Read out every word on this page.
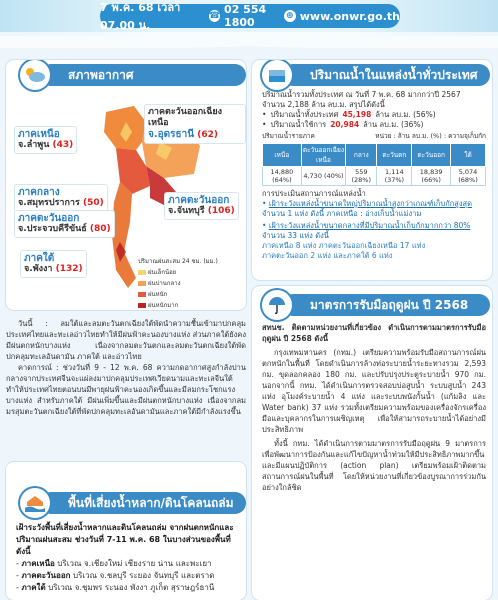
7 พ.ค. 68 เวลา 07.00 น.
☎ 02 554 1800	⊕ www.onwr.go.th
สภาพอากาศ
ภาคตะวันออกเฉียงเหนือ
จ.อุดรธานี (62)
ภาคเหนือ
จ.ลำพูน (43)
ภาคกลาง
จ.สมุทรปราการ (50)
ภาคตะวันออก
จ.ประจวบคีรีขันธ์ (80)
ภาคตะวันออก
จ.จันทบุรี (106)
ภาคใต้
จ.พังงา (132)
ปริมาณฝนสะสม 24 ชม. (มม.)
ฝนเล็กน้อย
ฝนปานกลาง
ฝนหนัก
ฝนหนักมาก

วันนี้ : ลมใต้และลมตะวันตกเฉียงใต้พัดนำความชื้นเข้ามาปกคลุมประเทศไทยและทะเลอ่าวไทยทำให้มีฝนฟ้าคะนองบางแห่ง ส่วนภาคใต้ยังคงมีฝนตกหนักบางแห่ง เนื่องจากลมตะวันตกและลมตะวันตกเฉียงใต้พัดปกคลุมทะเลอันดามัน ภาคใต้ และอ่าวไทย

คาดการณ์ : ช่วงวันที่ 9 - 12 พ.ค. 68 ความกดอากาศสูงกำลังปานกลางจากประเทศจีนจะแผ่ลงมาปกคลุมประเทศเวียดนามและทะเลจีนใต้ ทำให้ประเทศไทยตอนบนมีพายุฝนฟ้าคะนองเกิดขึ้นและมีลมกระโชกแรงบางแห่ง สำหรับภาคใต้ มีฝนเพิ่มขึ้นและมีฝนตกหนักบางแห่ง เนื่องจากลมมรสุมตะวันตกเฉียงใต้ที่พัดปกคลุมทะเลอันดามันและภาคใต้มีกำลังแรงขึ้น

พื้นที่เสี่ยงน้ำหลาก/ดินโคลนถล่ม
เฝ้าระวังพื้นที่เสี่ยงน้ำหลากและดินโคลนถล่ม จากฝนตกหนักและปริมาณฝนสะสม ช่วงวันที่ 7-11 พ.ค. 68 ในบางส่วนของพื้นที่ ดังนี้
- ภาคเหนือ บริเวณ จ.เชียงใหม่ เชียงราย น่าน และพะเยา
- ภาคตะวันออก บริเวณ จ.ชลบุรี ระยอง จันทบุรี และตราด
- ภาคใต้ บริเวณ จ.ชุมพร ระนอง พังงา ภูเก็ต สุราษฎร์ธานี
ปริมาณน้ำในแหล่งน้ำทั่วประเทศ
ปริมาณน้ำรวมทั้งประเทศ ณ วันที่ 7 พ.ค. 68 มากกว่าปี 2567 จำนวน 2,188 ล้าน ลบ.ม. สรุปได้ดังนี้
• ปริมาณน้ำทั้งประเทศ 45,198 ล้าน ลบ.ม. (56%)
• ปริมาณน้ำใช้การ 20,984 ล้าน ลบ.ม. (36%)
ปริมาณน้ำรายภาค	หน่วย : ล้าน ลบ.ม. (%) : ความจุเก็บกัก
เหนือ	ตะวันออกเฉียงเหนือ	กลาง	ตะวันตก	ตะวันออก	ใต้
14,880 (64%)	4,730 (40%)	559 (28%)	1,114 (37%)	18,839 (66%)	5,074 (68%)
การประเมินสถานการณ์แหล่งน้ำ
• เฝ้าระวังแหล่งน้ำขนาดใหญ่ปริมาณน้ำสูงกว่าเกณฑ์เก็บกักสูงสุด จำนวน 1 แห่ง ดังนี้ ภาคเหนือ : อ่างเก็บน้ำแม่งาม
• เฝ้าระวังแหล่งน้ำขนาดกลางที่มีปริมาณน้ำเก็บกักมากกว่า 80% จำนวน 33 แห่ง ดังนี้
ภาคเหนือ 8 แห่ง ภาคตะวันออกเฉียงเหนือ 17 แห่ง
ภาคตะวันออก 2 แห่ง และภาคใต้ 6 แห่ง
มาตรการรับมือฤดูฝน ปี 2568

สทนช. ติดตามหน่วยงานที่เกี่ยวข้อง ดำเนินการตามมาตรการรับมือฤดูฝน ปี 2568 ดังนี้

กรุงเทพมหานคร (กทม.) เตรียมความพร้อมรับมือสถานการณ์ฝนตกหนักในพื้นที่ โดยดำเนินการล้างท่อระบายน้ำระยะทางรวม 2,593 กม. ขุดลอกคลอง 180 กม. และปรับปรุงประตูระบายน้ำ 970 กม. นอกจากนี้ กทม. ได้ดำเนินการตรวจสอบบ่อสูบน้ำ ระบบสูบน้ำ 243 แห่ง อุโมงค์ระบายน้ำ 4 แห่ง และระบบพนังกั้นน้ำ (แก้มลิง และ Water bank) 37 แห่ง รวมทั้งเตรียมความพร้อมของเครื่องจักรเครื่องมือและบุคลากรในการเผชิญเหตุ เพื่อให้สามารถระบายน้ำได้อย่างมีประสิทธิภาพ

ทั้งนี้ กทม. ได้ดำเนินการตามมาตรการรับมือฤดูฝน 9 มาตรการ เพื่อพัฒนาการป้องกันและแก้ไขปัญหาน้ำท่วมให้มีประสิทธิภาพมากขึ้น และมีแผนปฏิบัติการ (action plan) เตรียมพร้อมเฝ้าติดตามสถานการณ์ฝนในพื้นที่ โดยให้หน่วยงานที่เกี่ยวข้องบูรณาการร่วมกันอย่างใกล้ชิด
